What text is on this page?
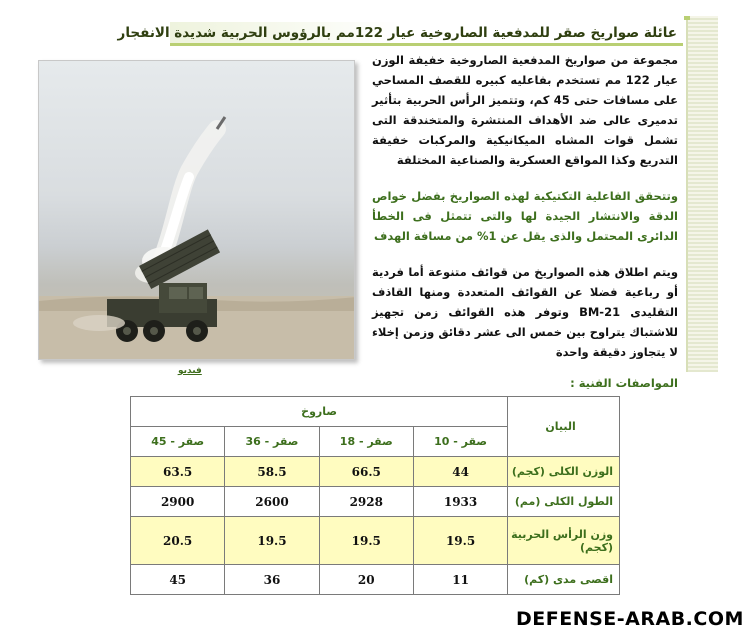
عائلة صواريخ صقر للمدفعية الصاروخية عيار 122مم بالرؤوس الحربية شديدة الانفجار
فيديو

مجموعة من صواريخ المدفعية الصاروخية خفيفة الوزن عيار 122 مم تستخدم بفاعليه كبيره للقصف المساحي على مسافات حتى 45 كم، وتتميز الرأس الحربية بتأثير تدميرى عالى ضد الأهداف المنتشرة والمتخندقة التى تشمل قوات المشاه الميكانيكية والمركبات خفيفة التدريع وكذا المواقع العسكرية والصناعية المختلفة

وتتحقق الفاعلية التكتيكية لهذه الصواريخ بفضل خواص الدقة والانتشار الجيدة لها والتى تتمثل فى الخطأ الدائرى المحتمل والذى يقل عن 1% من مسافة الهدف

ويتم اطلاق هذه الصواريخ من قوائف متنوعة أما فردية أو رباعية فضلا عن القوائف المتعددة ومنها القاذف التقليدى BM-21 وتوفر هذه القوائف زمن تجهيز للاشتباك يتراوح بين خمس الى عشر دقائق وزمن إخلاء لا يتجاوز دقيقة واحدة

المواصفات الفنية :
البيان	صاروخ			
	صقر - 10	صقر - 18	صقر - 36	صقر - 45
الوزن الكلى (كجم)	44	66.5	58.5	63.5
الطول الكلى (مم)	1933	2928	2600	2900
وزن الرأس الحربية (كجم)	19.5	19.5	19.5	20.5
اقصى مدى (كم)	11	20	36	45
DEFENSE-ARAB.COM
